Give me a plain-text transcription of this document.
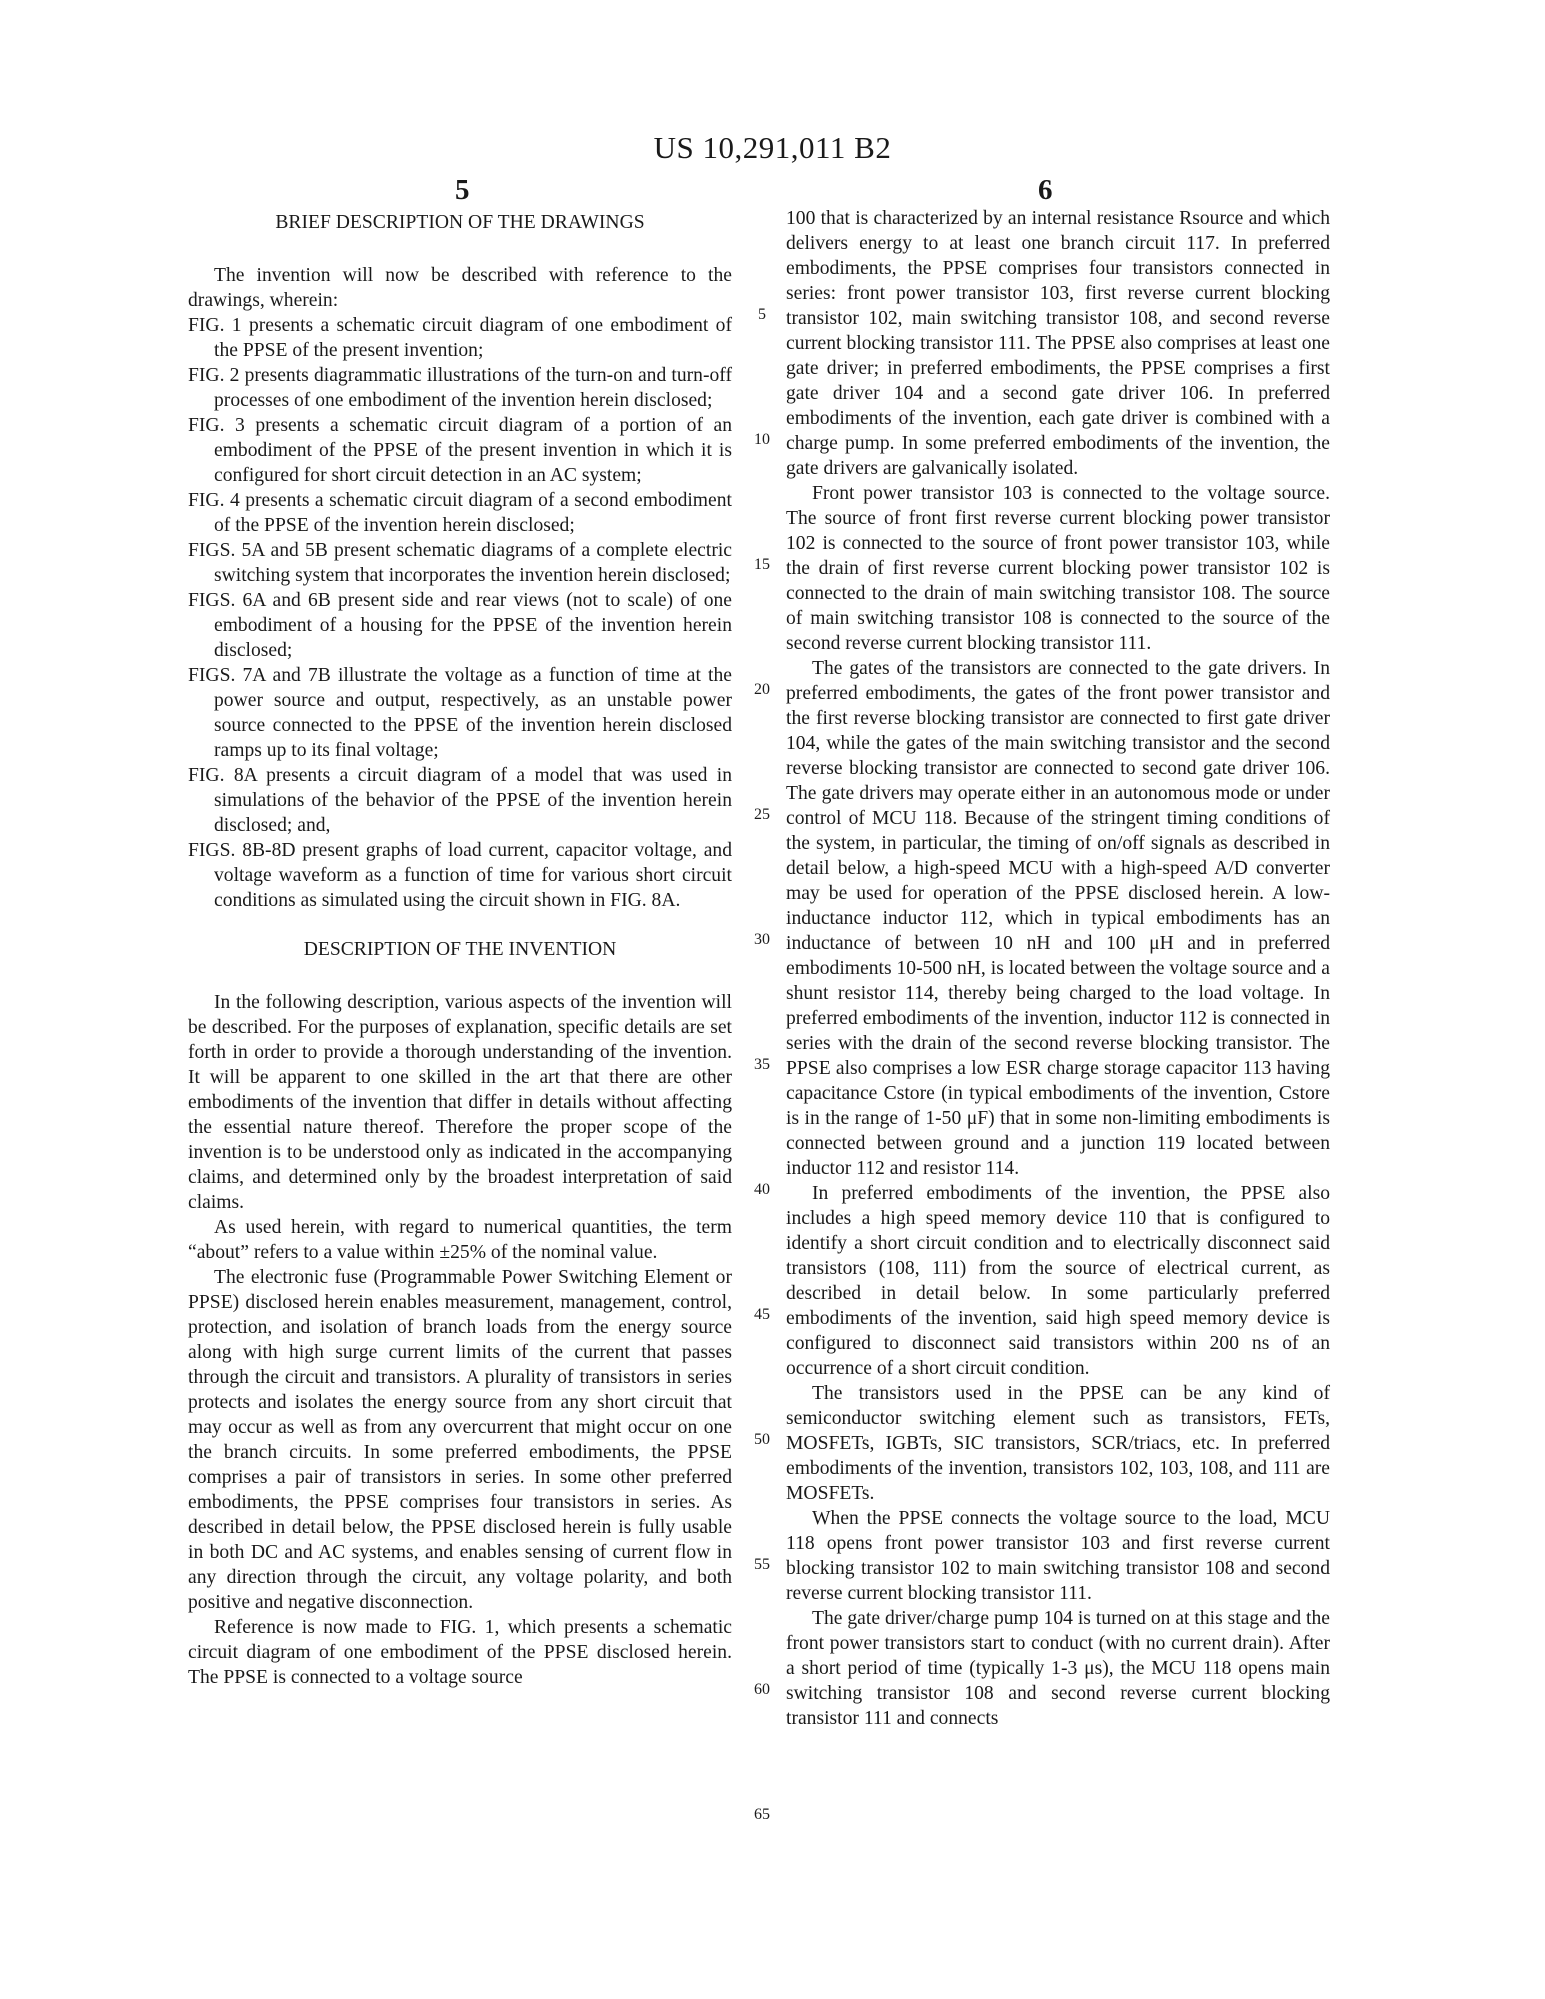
US 10,291,011 B2
5	6

BRIEF DESCRIPTION OF THE DRAWINGS

The invention will now be described with reference to the drawings, wherein:

FIG. 1 presents a schematic circuit diagram of one embodiment of the PPSE of the present invention;

FIG. 2 presents diagrammatic illustrations of the turn-on and turn-off processes of one embodiment of the invention herein disclosed;

FIG. 3 presents a schematic circuit diagram of a portion of an embodiment of the PPSE of the present invention in which it is configured for short circuit detection in an AC system;

FIG. 4 presents a schematic circuit diagram of a second embodiment of the PPSE of the invention herein disclosed;

FIGS. 5A and 5B present schematic diagrams of a complete electric switching system that incorporates the invention herein disclosed;

FIGS. 6A and 6B present side and rear views (not to scale) of one embodiment of a housing for the PPSE of the invention herein disclosed;

FIGS. 7A and 7B illustrate the voltage as a function of time at the power source and output, respectively, as an unstable power source connected to the PPSE of the invention herein disclosed ramps up to its final voltage;

FIG. 8A presents a circuit diagram of a model that was used in simulations of the behavior of the PPSE of the invention herein disclosed; and,

FIGS. 8B-8D present graphs of load current, capacitor voltage, and voltage waveform as a function of time for various short circuit conditions as simulated using the circuit shown in FIG. 8A.

DESCRIPTION OF THE INVENTION

In the following description, various aspects of the invention will be described. For the purposes of explanation, specific details are set forth in order to provide a thorough understanding of the invention. It will be apparent to one skilled in the art that there are other embodiments of the invention that differ in details without affecting the essential nature thereof. Therefore the proper scope of the invention is to be understood only as indicated in the accompanying claims, and determined only by the broadest interpretation of said claims.

As used herein, with regard to numerical quantities, the term “about” refers to a value within ±25% of the nominal value.

The electronic fuse (Programmable Power Switching Element or PPSE) disclosed herein enables measurement, management, control, protection, and isolation of branch loads from the energy source along with high surge current limits of the current that passes through the circuit and transistors. A plurality of transistors in series protects and isolates the energy source from any short circuit that may occur as well as from any overcurrent that might occur on one the branch circuits. In some preferred embodiments, the PPSE comprises a pair of transistors in series. In some other preferred embodiments, the PPSE comprises four transistors in series. As described in detail below, the PPSE disclosed herein is fully usable in both DC and AC systems, and enables sensing of current flow in any direction through the circuit, any voltage polarity, and both positive and negative disconnection.

Reference is now made to FIG. 1, which presents a schematic circuit diagram of one embodiment of the PPSE disclosed herein. The PPSE is connected to a voltage source

5
10
15
20
25
30
35
40
45
50
55
60
65

100 that is characterized by an internal resistance Rsource and which delivers energy to at least one branch circuit 117. In preferred embodiments, the PPSE comprises four transistors connected in series: front power transistor 103, first reverse current blocking transistor 102, main switching transistor 108, and second reverse current blocking transistor 111. The PPSE also comprises at least one gate driver; in preferred embodiments, the PPSE comprises a first gate driver 104 and a second gate driver 106. In preferred embodiments of the invention, each gate driver is combined with a charge pump. In some preferred embodiments of the invention, the gate drivers are galvanically isolated.

Front power transistor 103 is connected to the voltage source. The source of front first reverse current blocking power transistor 102 is connected to the source of front power transistor 103, while the drain of first reverse current blocking power transistor 102 is connected to the drain of main switching transistor 108. The source of main switching transistor 108 is connected to the source of the second reverse current blocking transistor 111.

The gates of the transistors are connected to the gate drivers. In preferred embodiments, the gates of the front power transistor and the first reverse blocking transistor are connected to first gate driver 104, while the gates of the main switching transistor and the second reverse blocking transistor are connected to second gate driver 106. The gate drivers may operate either in an autonomous mode or under control of MCU 118. Because of the stringent timing conditions of the system, in particular, the timing of on/off signals as described in detail below, a high-speed MCU with a high-speed A/D converter may be used for operation of the PPSE disclosed herein. A low-inductance inductor 112, which in typical embodiments has an inductance of between 10 nH and 100 μH and in preferred embodiments 10-500 nH, is located between the voltage source and a shunt resistor 114, thereby being charged to the load voltage. In preferred embodiments of the invention, inductor 112 is connected in series with the drain of the second reverse blocking transistor. The PPSE also comprises a low ESR charge storage capacitor 113 having capacitance Cstore (in typical embodiments of the invention, Cstore is in the range of 1-50 μF) that in some non-limiting embodiments is connected between ground and a junction 119 located between inductor 112 and resistor 114.

In preferred embodiments of the invention, the PPSE also includes a high speed memory device 110 that is configured to identify a short circuit condition and to electrically disconnect said transistors (108, 111) from the source of electrical current, as described in detail below. In some particularly preferred embodiments of the invention, said high speed memory device is configured to disconnect said transistors within 200 ns of an occurrence of a short circuit condition.

The transistors used in the PPSE can be any kind of semiconductor switching element such as transistors, FETs, MOSFETs, IGBTs, SIC transistors, SCR/triacs, etc. In preferred embodiments of the invention, transistors 102, 103, 108, and 111 are MOSFETs.

When the PPSE connects the voltage source to the load, MCU 118 opens front power transistor 103 and first reverse current blocking transistor 102 to main switching transistor 108 and second reverse current blocking transistor 111.

The gate driver/charge pump 104 is turned on at this stage and the front power transistors start to conduct (with no current drain). After a short period of time (typically 1-3 μs), the MCU 118 opens main switching transistor 108 and second reverse current blocking transistor 111 and connects
